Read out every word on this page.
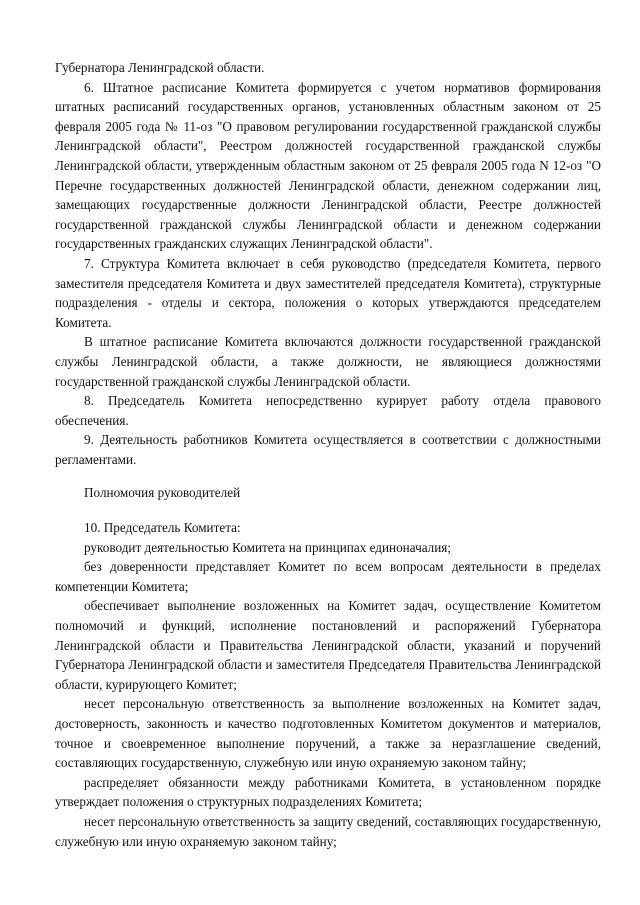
Губернатора Ленинградской области.

6. Штатное расписание Комитета формируется с учетом нормативов формирования штатных расписаний государственных органов, установленных областным законом от 25 февраля 2005 года № 11-оз "О правовом регулировании государственной гражданской службы Ленинградской области", Реестром должностей государственной гражданской службы Ленинградской области, утвержденным областным законом от 25 февраля 2005 года N 12-оз "О Перечне государственных должностей Ленинградской области, денежном содержании лиц, замещающих государственные должности Ленинградской области, Реестре должностей государственной гражданской службы Ленинградской области и денежном содержании государственных гражданских служащих Ленинградской области".

7. Структура Комитета включает в себя руководство (председателя Комитета, первого заместителя председателя Комитета и двух заместителей председателя Комитета), структурные подразделения - отделы и сектора, положения о которых утверждаются председателем Комитета.

В штатное расписание Комитета включаются должности государственной гражданской службы Ленинградской области, а также должности, не являющиеся должностями государственной гражданской службы Ленинградской области.

8. Председатель Комитета непосредственно курирует работу отдела правового обеспечения.

9. Деятельность работников Комитета осуществляется в соответствии с должностными регламентами.

Полномочия руководителей

10. Председатель Комитета:

руководит деятельностью Комитета на принципах единоначалия;

без доверенности представляет Комитет по всем вопросам деятельности в пределах компетенции Комитета;

обеспечивает выполнение возложенных на Комитет задач, осуществление Комитетом полномочий и функций, исполнение постановлений и распоряжений Губернатора Ленинградской области и Правительства Ленинградской области, указаний и поручений Губернатора Ленинградской области и заместителя Председателя Правительства Ленинградской области, курирующего Комитет;

несет персональную ответственность за выполнение возложенных на Комитет задач, достоверность, законность и качество подготовленных Комитетом документов и материалов, точное и своевременное выполнение поручений, а также за неразглашение сведений, составляющих государственную, служебную или иную охраняемую законом тайну;

распределяет обязанности между работниками Комитета, в установленном порядке утверждает положения о структурных подразделениях Комитета;

несет персональную ответственность за защиту сведений, составляющих государственную, служебную или иную охраняемую законом тайну;
